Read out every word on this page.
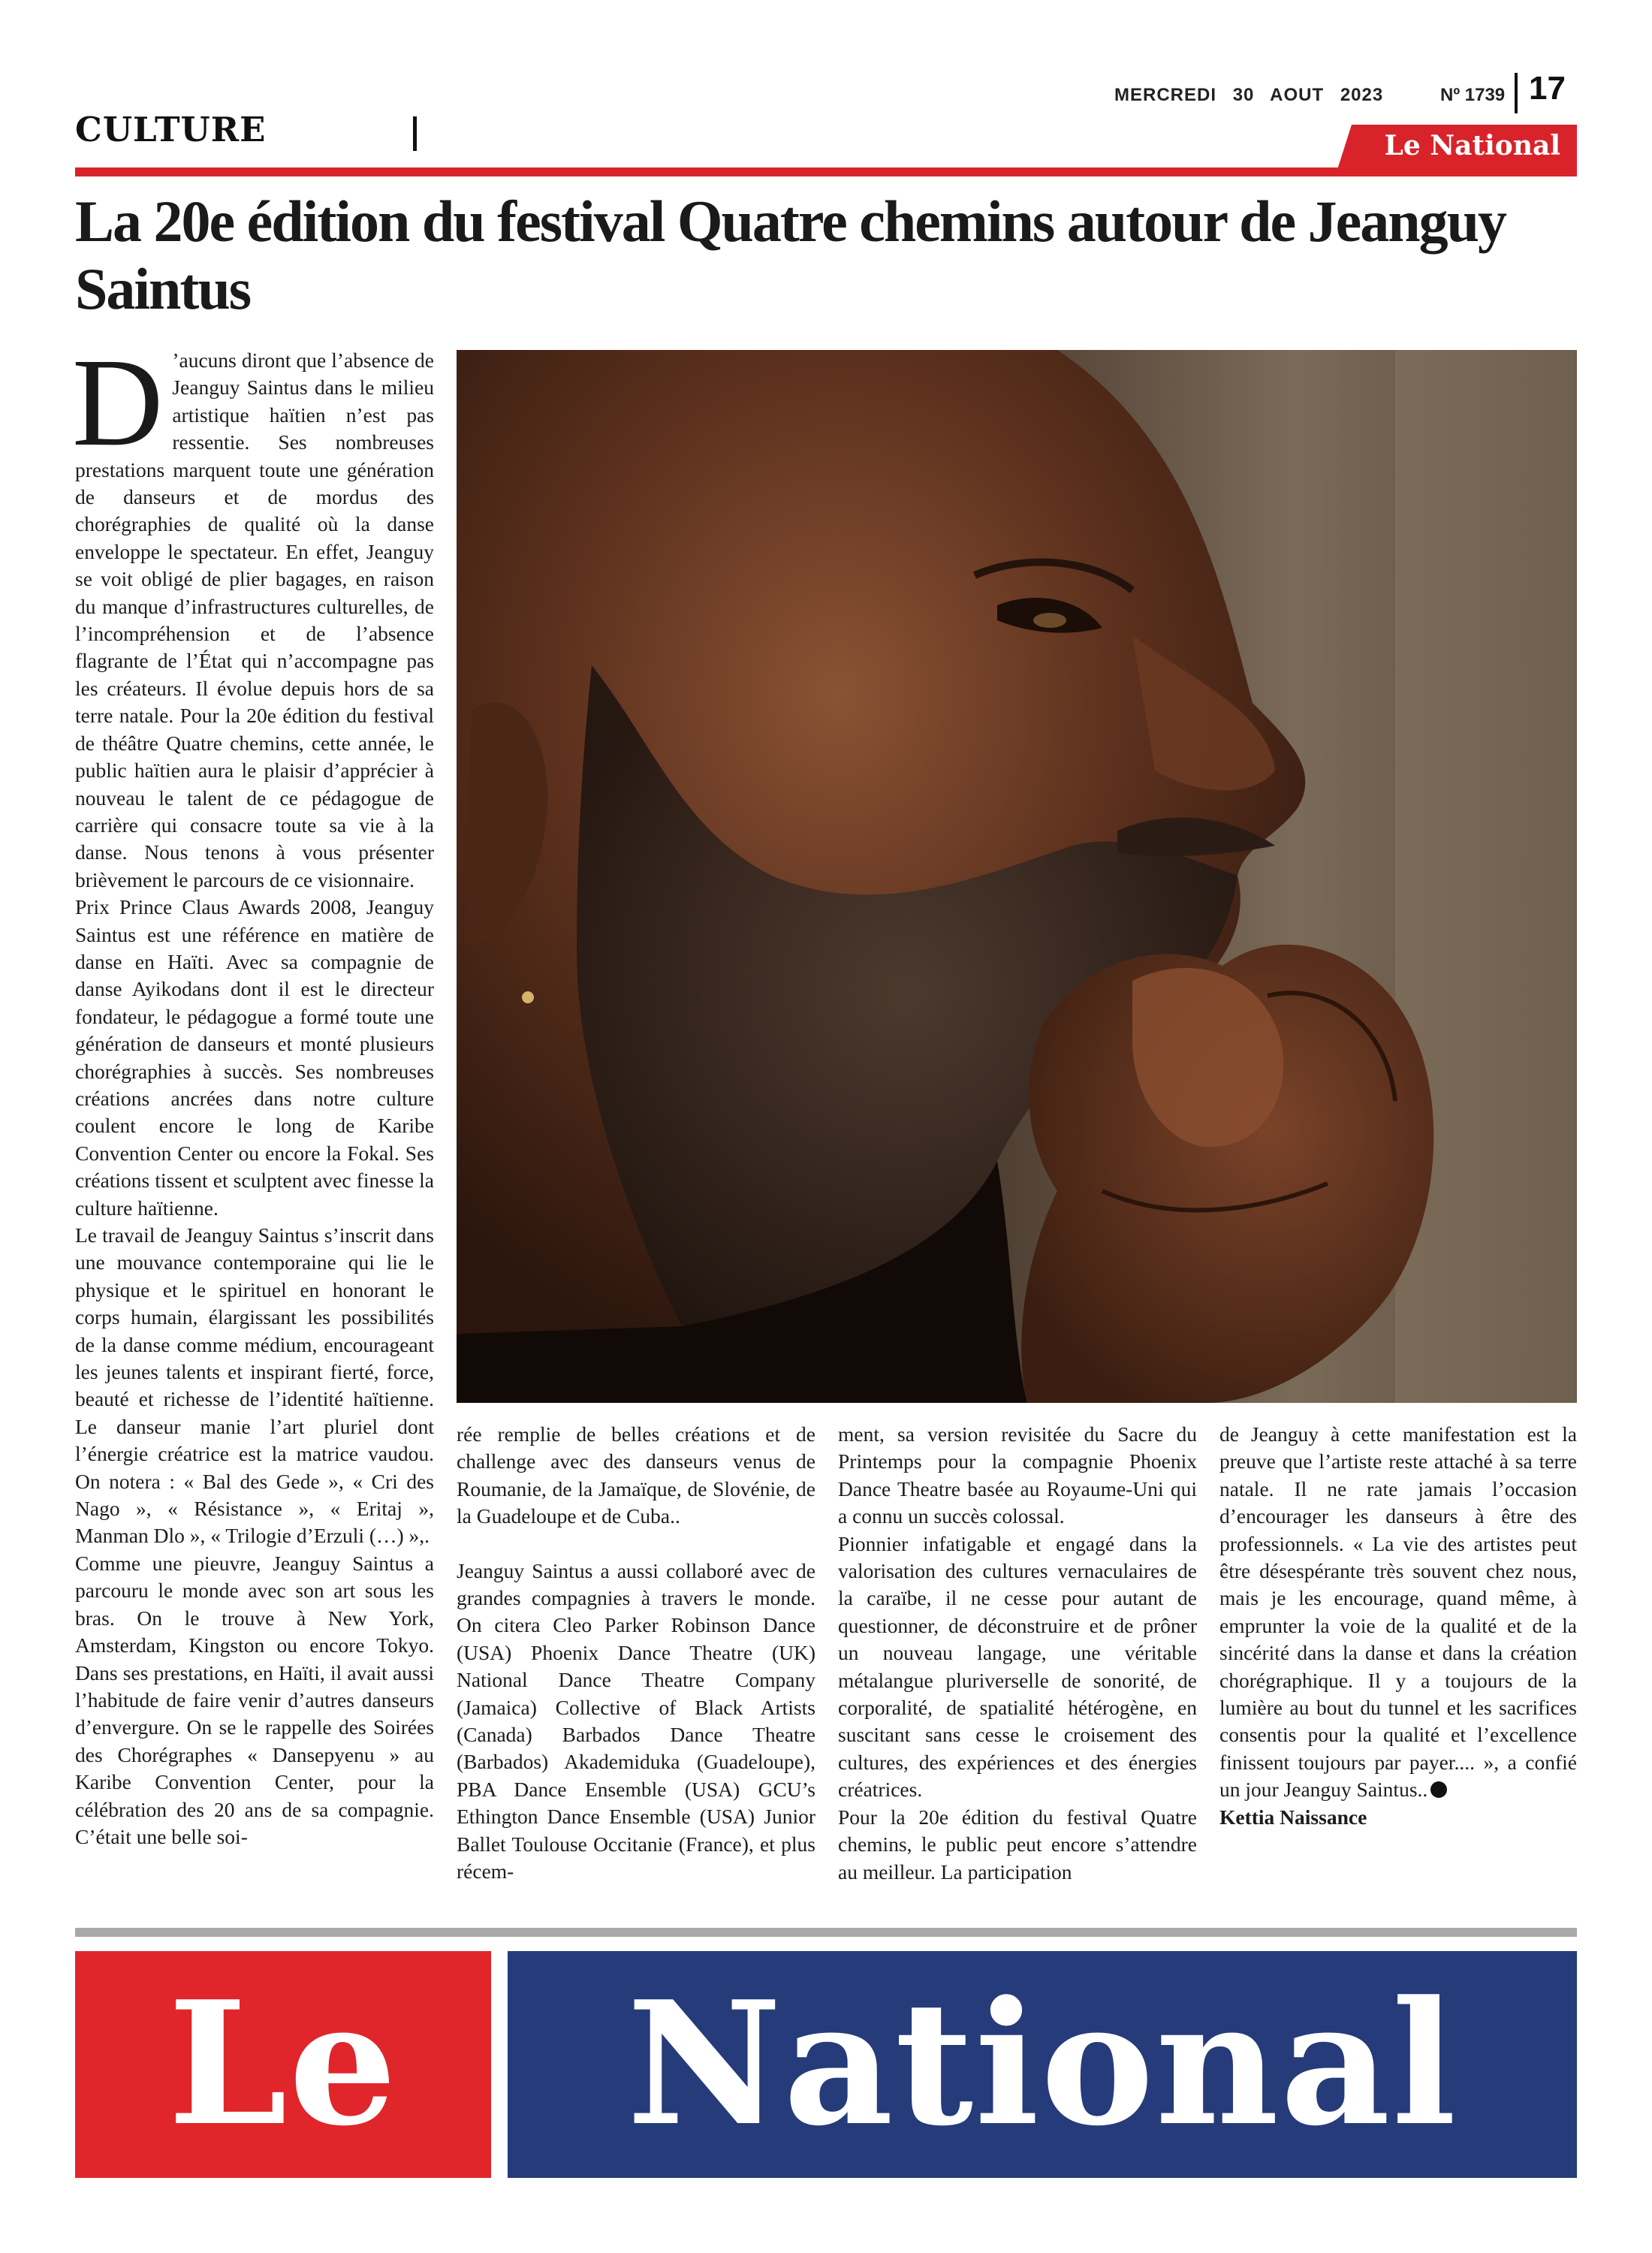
MERCREDI 30 AOUT 2023	Nº 1739 17
CULTURE	Le National
La 20e édition du festival Quatre chemins autour de Jeanguy Saintus

D ’aucuns diront que l’absence de Jeanguy Saintus dans le milieu artistique haïtien n’est pas ressentie. Ses nombreuses prestations marquent toute une génération de danseurs et de mordus des chorégraphies de qualité où la danse enveloppe le spectateur. En effet, Jeanguy se voit obligé de plier bagages, en raison du manque d’infrastructures culturelles, de l’incompréhension et de l’absence flagrante de l’État qui n’accompagne pas les créateurs. Il évolue depuis hors de sa terre natale. Pour la 20e édition du festival de théâtre Quatre chemins, cette année, le public haïtien aura le plaisir d’apprécier à nouveau le talent de ce pédagogue de carrière qui consacre toute sa vie à la danse. Nous tenons à vous présenter brièvement le parcours de ce visionnaire.

Prix Prince Claus Awards 2008, Jeanguy Saintus est une référence en matière de danse en Haïti. Avec sa compagnie de danse Ayikodans dont il est le directeur fondateur, le pédagogue a formé toute une génération de danseurs et monté plusieurs chorégraphies à succès. Ses nombreuses créations ancrées dans notre culture coulent encore le long de Karibe Convention Center ou encore la Fokal. Ses créations tissent et sculptent avec finesse la culture haïtienne.

Le travail de Jeanguy Saintus s’inscrit dans une mouvance contemporaine qui lie le physique et le spirituel en honorant le corps humain, élargissant les possibilités de la danse comme médium, encourageant les jeunes talents et inspirant fierté, force, beauté et richesse de l’identité haïtienne. Le danseur manie l’art pluriel dont l’énergie créatrice est la matrice vaudou. On notera : « Bal des Gede », « Cri des Nago », « Résistance », « Eritaj », Manman Dlo », « Trilogie d’Erzuli (…) »,.

Comme une pieuvre, Jeanguy Saintus a parcouru le monde avec son art sous les bras. On le trouve à New York, Amsterdam, Kingston ou encore Tokyo. Dans ses prestations, en Haïti, il avait aussi l’habitude de faire venir d’autres danseurs d’envergure. On se le rappelle des Soirées des Chorégraphes « Dansepyenu » au Karibe Convention Center, pour la célébration des 20 ans de sa compagnie. C’était une belle soi-

rée remplie de belles créations et de challenge avec des danseurs venus de Roumanie, de la Jamaïque, de Slovénie, de la Guadeloupe et de Cuba..

Jeanguy Saintus a aussi collaboré avec de grandes compagnies à travers le monde. On citera Cleo Parker Robinson Dance (USA) Phoenix Dance Theatre (UK) National Dance Theatre Company (Jamaica) Collective of Black Artists (Canada) Barbados Dance Theatre (Barbados) Akademiduka (Guadeloupe), PBA Dance Ensemble (USA) GCU’s Ethington Dance Ensemble (USA) Junior Ballet Toulouse Occitanie (France), et plus récem-

ment, sa version revisitée du Sacre du Printemps pour la compagnie Phoenix Dance Theatre basée au Royaume-Uni qui a connu un succès colossal.

Pionnier infatigable et engagé dans la valorisation des cultures vernaculaires de la caraïbe, il ne cesse pour autant de questionner, de déconstruire et de prôner un nouveau langage, une véritable métalangue pluriverselle de sonorité, de corporalité, de spatialité hétérogène, en suscitant sans cesse le croisement des cultures, des expériences et des énergies créatrices.

Pour la 20e édition du festival Quatre chemins, le public peut encore s’attendre au meilleur. La participation

de Jeanguy à cette manifestation est la preuve que l’artiste reste attaché à sa terre natale. Il ne rate jamais l’occasion d’encourager les danseurs à être des professionnels. « La vie des artistes peut être désespérante très souvent chez nous, mais je les encourage, quand même, à emprunter la voie de la qualité et de la sincérité dans la danse et dans la création chorégraphique. Il y a toujours de la lumière au bout du tunnel et les sacrifices consentis pour la qualité et l’excellence finissent toujours par payer.... », a confié un jour Jeanguy Saintus..

Kettia Naissance

Le	National
